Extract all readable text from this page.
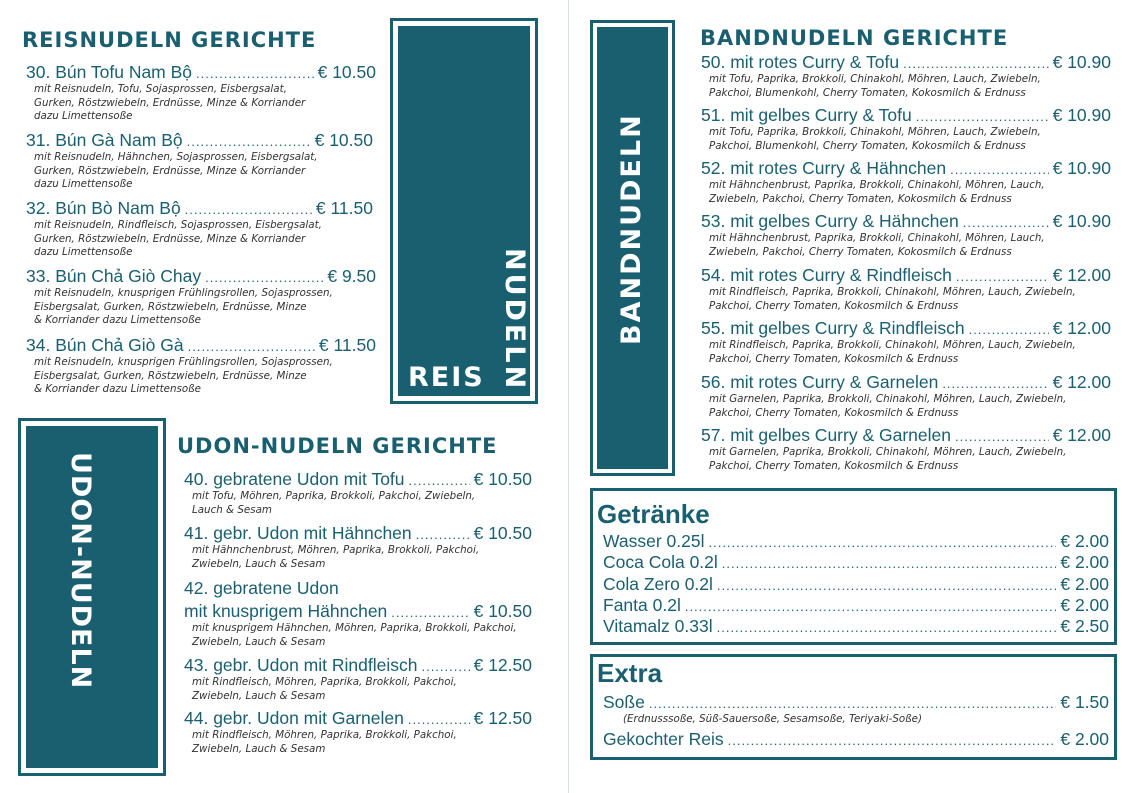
REISNUDELN GERICHTE
30. Bún Tofu Nam Bộ .....	€ 10.50
mit Reisnudeln, Tofu, Sojasprossen, Eisbergsalat,
Gurken, Röstzwiebeln, Erdnüsse, Minze & Korriander
dazu Limettensoße
31. Bún Gà Nam Bộ .....	€ 10.50
mit Reisnudeln, Hähnchen, Sojasprossen, Eisbergsalat,
Gurken, Röstzwiebeln, Erdnüsse, Minze & Korriander
dazu Limettensoße
32. Bún Bò Nam Bộ .....	€ 11.50
mit Reisnudeln, Rindfleisch, Sojasprossen, Eisbergsalat,
Gurken, Röstzwiebeln, Erdnüsse, Minze & Korriander
dazu Limettensoße
33. Bún Chả Giò Chay .....	€ 9.50
mit Reisnudeln, knusprigen Frühlingsrollen, Sojasprossen,
Eisbergsalat, Gurken, Röstzwiebeln, Erdnüsse, Minze
& Korriander dazu Limettensoße
34. Bún Chả Giò Gà .....	€ 11.50
mit Reisnudeln, knusprigen Frühlingsrollen, Sojasprossen,
Eisbergsalat, Gurken, Röstzwiebeln, Erdnüsse, Minze
& Korriander dazu Limettensoße	REIS NUDELN
UDON-NUDELN
UDON-NUDELN GERICHTE
40. gebratene Udon mit Tofu .....	€ 10.50
mit Tofu, Möhren, Paprika, Brokkoli, Pakchoi, Zwiebeln,
Lauch & Sesam
41. gebr. Udon mit Hähnchen .....	€ 10.50
mit Hähnchenbrust, Möhren, Paprika, Brokkoli, Pakchoi,
Zwiebeln, Lauch & Sesam
42. gebratene Udon
mit knusprigem Hähnchen .....	€ 10.50
mit knusprigem Hähnchen, Möhren, Paprika, Brokkoli, Pakchoi,
Zwiebeln, Lauch & Sesam
43. gebr. Udon mit Rindfleisch .....	€ 12.50
mit Rindfleisch, Möhren, Paprika, Brokkoli, Pakchoi,
Zwiebeln, Lauch & Sesam
44. gebr. Udon mit Garnelen .....	€ 12.50
mit Rindfleisch, Möhren, Paprika, Brokkoli, Pakchoi,
Zwiebeln, Lauch & Sesam
BANDNUDELN
BANDNUDELN GERICHTE
50. mit rotes Curry & Tofu .....	€ 10.90
mit Tofu, Paprika, Brokkoli, Chinakohl, Möhren, Lauch, Zwiebeln,
Pakchoi, Blumenkohl, Cherry Tomaten, Kokosmilch & Erdnuss
51. mit gelbes Curry & Tofu .....	€ 10.90
mit Tofu, Paprika, Brokkoli, Chinakohl, Möhren, Lauch, Zwiebeln,
Pakchoi, Blumenkohl, Cherry Tomaten, Kokosmilch & Erdnuss
52. mit rotes Curry & Hähnchen .....	€ 10.90
mit Hähnchenbrust, Paprika, Brokkoli, Chinakohl, Möhren, Lauch,
Zwiebeln, Pakchoi, Cherry Tomaten, Kokosmilch & Erdnuss
53. mit gelbes Curry & Hähnchen .....	€ 10.90
mit Hähnchenbrust, Paprika, Brokkoli, Chinakohl, Möhren, Lauch,
Zwiebeln, Pakchoi, Cherry Tomaten, Kokosmilch & Erdnuss
54. mit rotes Curry & Rindfleisch .....	€ 12.00
mit Rindfleisch, Paprika, Brokkoli, Chinakohl, Möhren, Lauch, Zwiebeln,
Pakchoi, Cherry Tomaten, Kokosmilch & Erdnuss
55. mit gelbes Curry & Rindfleisch .....	€ 12.00
mit Rindfleisch, Paprika, Brokkoli, Chinakohl, Möhren, Lauch, Zwiebeln,
Pakchoi, Cherry Tomaten, Kokosmilch & Erdnuss
56. mit rotes Curry & Garnelen .....	€ 12.00
mit Garnelen, Paprika, Brokkoli, Chinakohl, Möhren, Lauch, Zwiebeln,
Pakchoi, Cherry Tomaten, Kokosmilch & Erdnuss
57. mit gelbes Curry & Garnelen .....	€ 12.00
mit Garnelen, Paprika, Brokkoli, Chinakohl, Möhren, Lauch, Zwiebeln,
Pakchoi, Cherry Tomaten, Kokosmilch & Erdnuss
Getränke
Wasser 0.25l .....	€ 2.00
Coca Cola 0.2l .....	€ 2.00
Cola Zero 0.2l .....	€ 2.00
Fanta 0.2l .....	€ 2.00
Vitamalz 0.33l .....	€ 2.50
Extra
Soße .....	€ 1.50
(Erdnusssoße, Süß-Sauersoße, Sesamsoße, Teriyaki-Soße)
Gekochter Reis .....	€ 2.00
